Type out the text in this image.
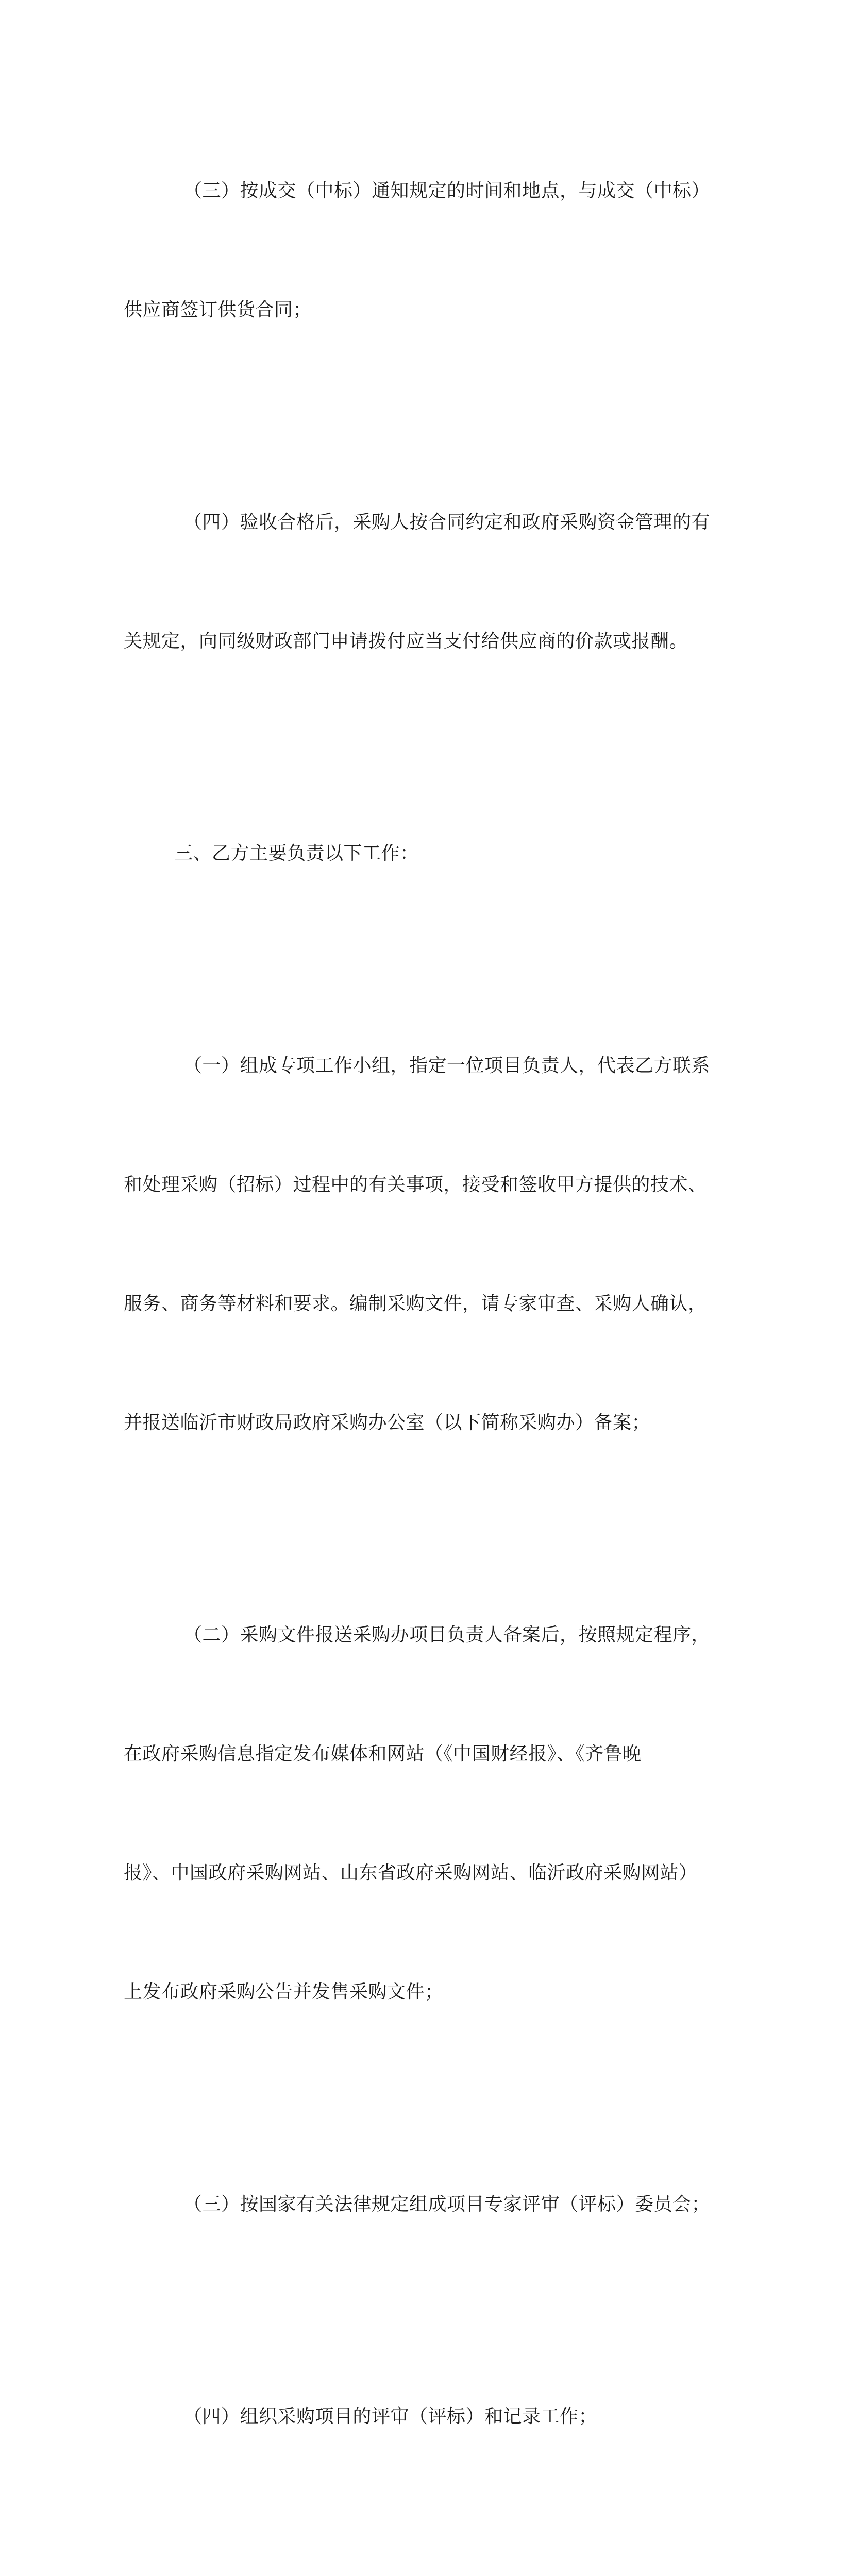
（三）按成交（中标）通知规定的时间和地点，与成交（中标）

供应商签订供货合同；

（四）验收合格后，采购人按合同约定和政府采购资金管理的有

关规定，向同级财政部门申请拨付应当支付给供应商的价款或报酬。

三、乙方主要负责以下工作：

（一）组成专项工作小组，指定一位项目负责人，代表乙方联系

和处理采购（招标）过程中的有关事项，接受和签收甲方提供的技术、

服务、商务等材料和要求。编制采购文件，请专家审查、采购人确认，

并报送临沂市财政局政府采购办公室（以下简称采购办）备案；

（二）采购文件报送采购办项目负责人备案后，按照规定程序，

在政府采购信息指定发布媒体和网站（《中国财经报》、《齐鲁晚

报》、中国政府采购网站、山东省政府采购网站、临沂政府采购网站）

上发布政府采购公告并发售采购文件；

（三）按国家有关法律规定组成项目专家评审（评标）委员会；

（四）组织采购项目的评审（评标）和记录工作；
